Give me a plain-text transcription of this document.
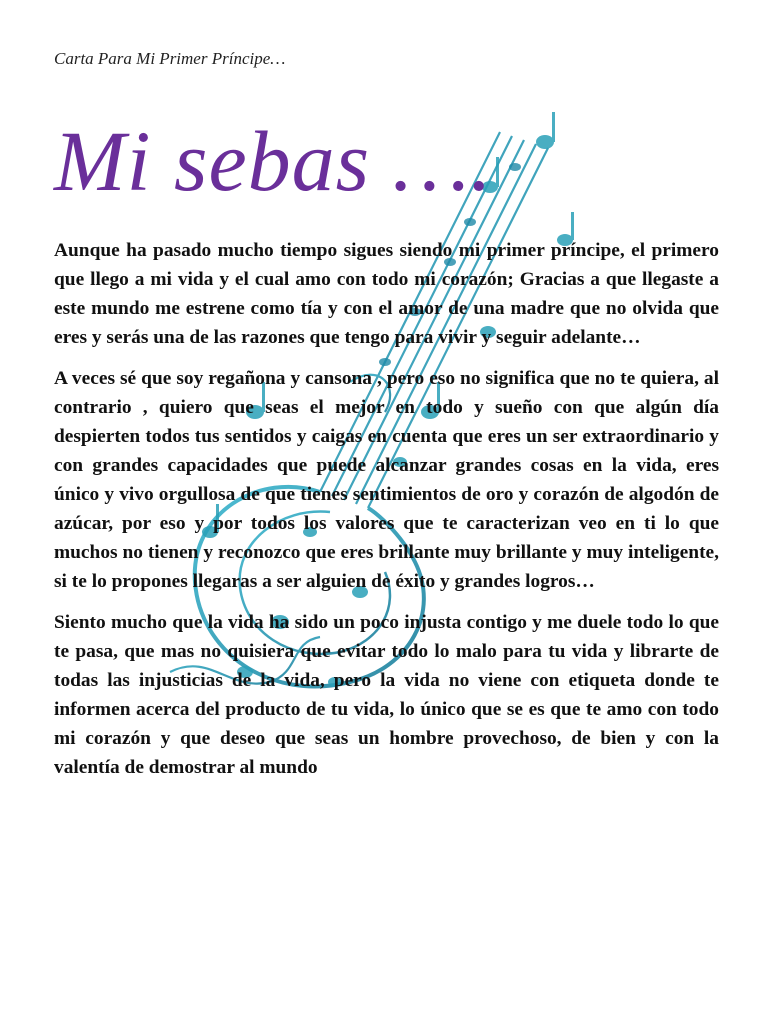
Carta Para Mi Primer Príncipe…
Mi sebas ….

Aunque ha pasado mucho tiempo sigues siendo mi primer príncipe, el primero que llego a mi vida y el cual amo con todo mi corazón; Gracias a que llegaste a este mundo me estrene como tía y con el amor de una madre que no olvida que eres y serás una de las razones que tengo para vivir y seguir adelante…

A veces sé que soy regañona y cansona , pero eso no significa que no te quiera, al contrario , quiero que seas el mejor en todo y sueño con que algún día despierten todos tus sentidos y caigas en cuenta que eres un ser extraordinario y con grandes capacidades que puede alcanzar grandes cosas en la vida, eres único y vivo orgullosa de que tienes sentimientos de oro y corazón de algodón de azúcar, por eso y por todos los valores que te caracterizan veo en ti lo que muchos no tienen y reconozco que eres brillante muy brillante y muy inteligente, si te lo propones llegaras a ser alguien de éxito y grandes logros…

Siento mucho que la vida ha sido un poco injusta contigo y me duele todo lo que te pasa, que mas no quisiera que evitar todo lo malo para tu vida y librarte de todas las injusticias de la vida, pero la vida no viene con etiqueta donde te informen acerca del producto de tu vida, lo único que se es que te amo con todo mi corazón y que deseo que seas un hombre provechoso, de bien y con la valentía de demostrar al mundo
